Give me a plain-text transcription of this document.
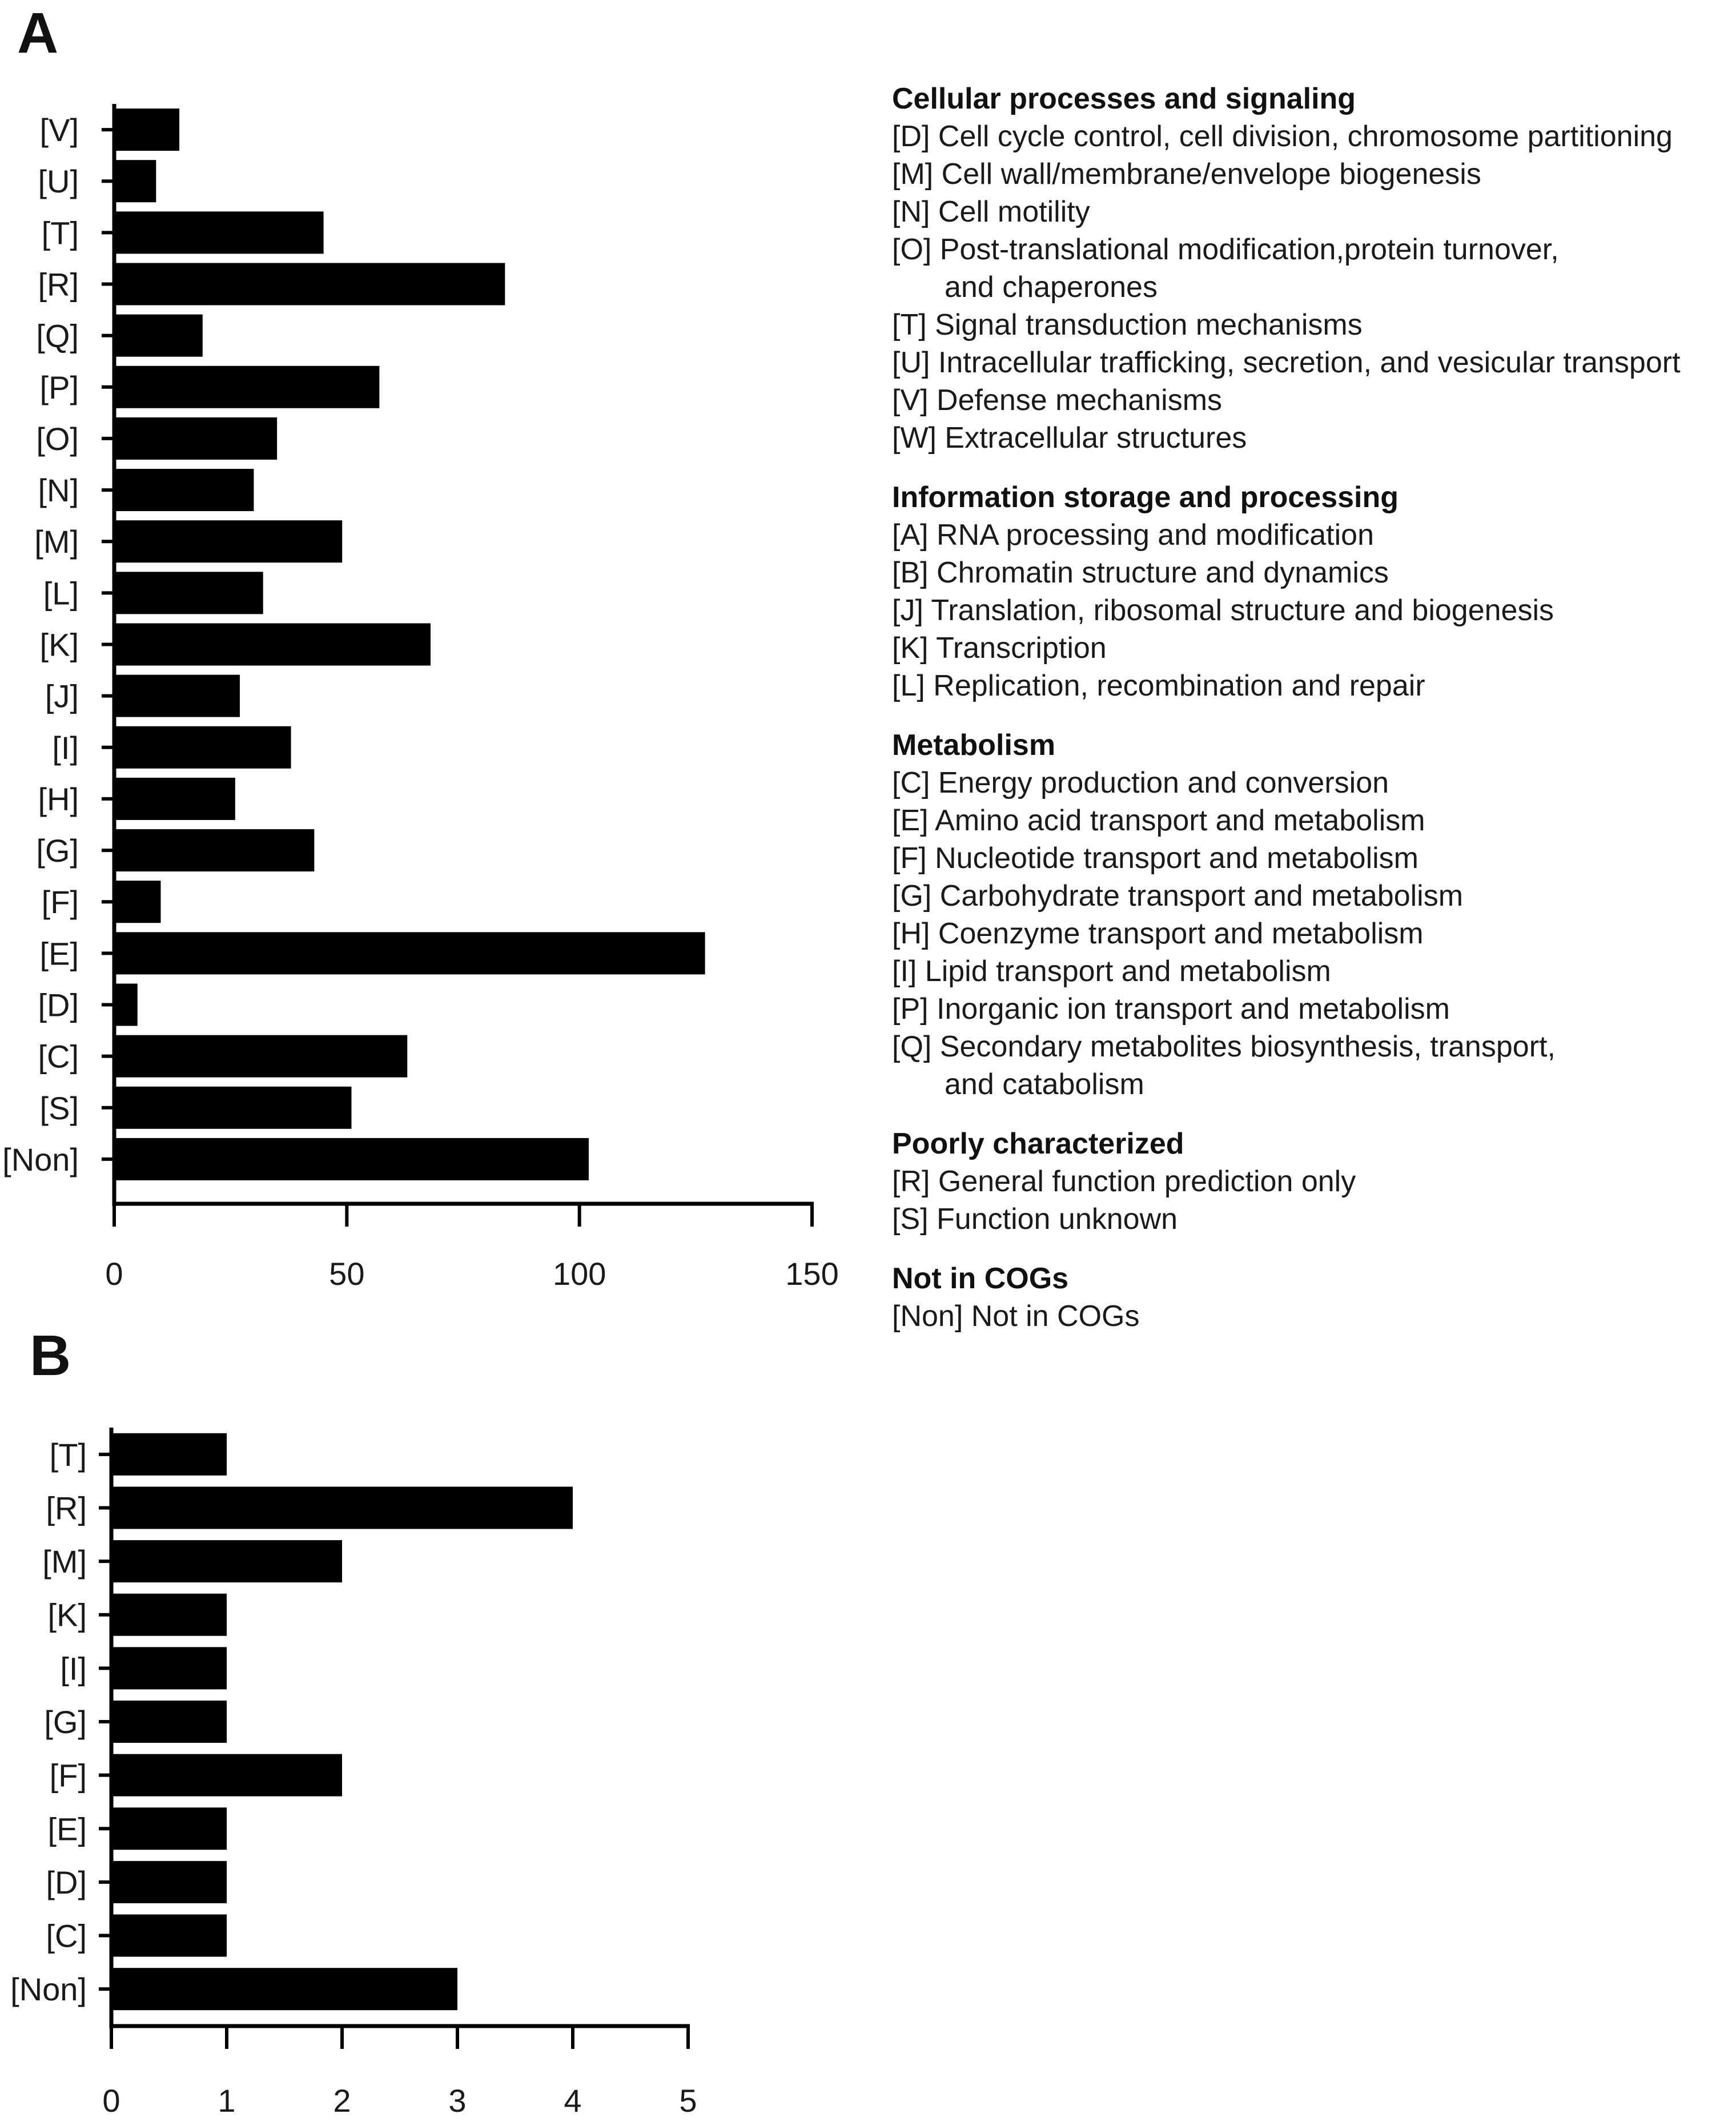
A
B
[V]
[U]
[T]
[R]
[Q]
[P]
[O]
[N]
[M]
[L]
[K]
[J]
[I]
[H]
[G]
[F]
[E]
[D]
[C]
[S]
[Non]
0	50	100	150
[T]
[R]
[M]
[K]
[I]
[G]
[F]
[E]
[D]
[C]
[Non]
0	1	2	3	4	5
Cellular processes and signaling
[D] Cell cycle control, cell division, chromosome partitioning
[M] Cell wall/membrane/envelope biogenesis
[N] Cell motility
[O] Post-translational modification,protein turnover,
and chaperones
[T] Signal transduction mechanisms
[U] Intracellular trafficking, secretion, and vesicular transport
[V] Defense mechanisms
[W] Extracellular structures
Information storage and processing
[A] RNA processing and modification
[B] Chromatin structure and dynamics
[J] Translation, ribosomal structure and biogenesis
[K] Transcription
[L] Replication, recombination and repair
Metabolism
[C] Energy production and conversion
[E] Amino acid transport and metabolism
[F] Nucleotide transport and metabolism
[G] Carbohydrate transport and metabolism
[H] Coenzyme transport and metabolism
[I] Lipid transport and metabolism
[P] Inorganic ion transport and metabolism
[Q] Secondary metabolites biosynthesis, transport,
and catabolism
Poorly characterized
[R] General function prediction only
[S] Function unknown
Not in COGs
[Non] Not in COGs
